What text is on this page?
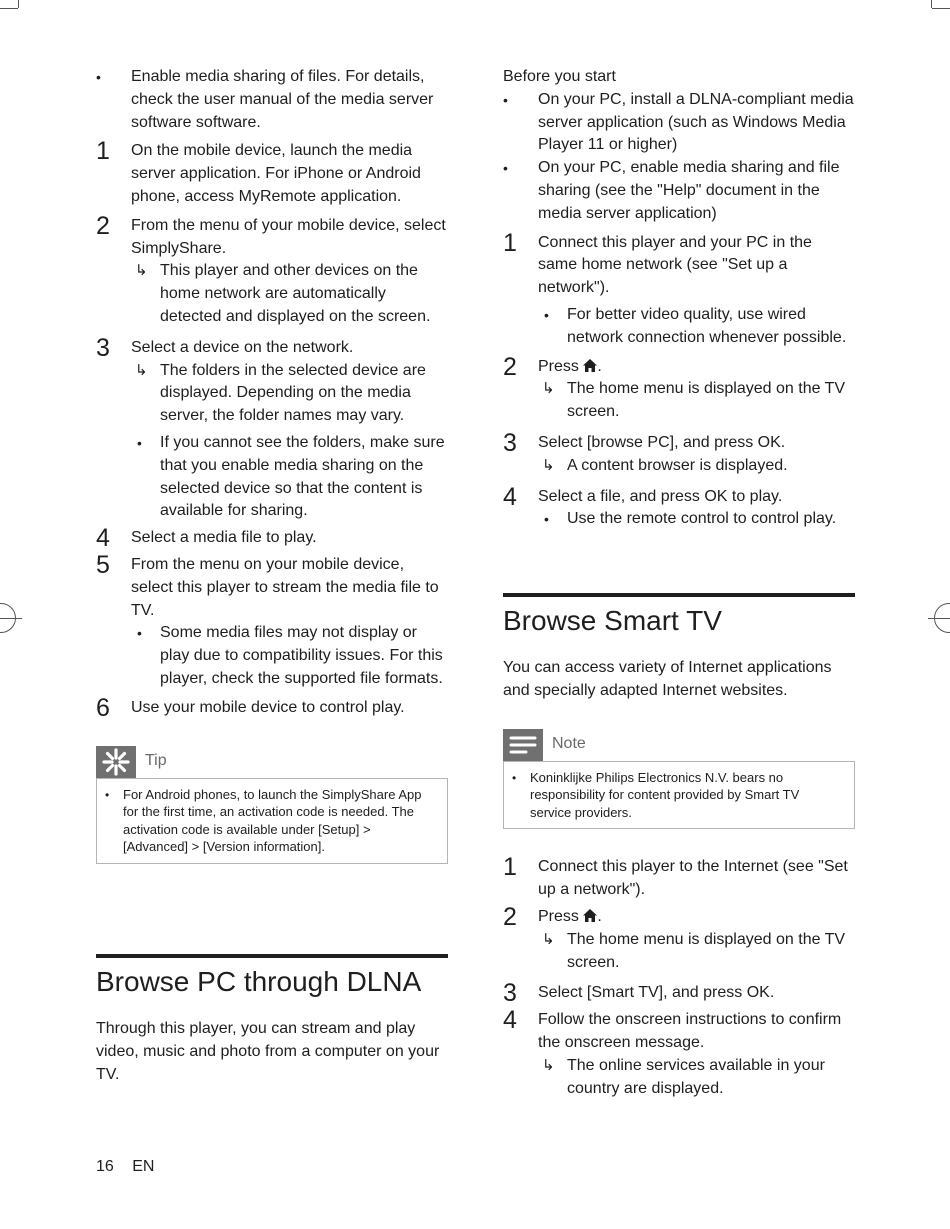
• Enable media sharing of files. For details, check the user manual of the media server software software.
1 On the mobile device, launch the media server application. For iPhone or Android phone, access MyRemote application.
2 From the menu of your mobile device, select SimplyShare.
↳ This player and other devices on the home network are automatically detected and displayed on the screen.
3 Select a device on the network.
↳ The folders in the selected device are displayed. Depending on the media server, the folder names may vary.
• If you cannot see the folders, make sure that you enable media sharing on the selected device so that the content is available for sharing.
4 Select a media file to play.
5 From the menu on your mobile device, select this player to stream the media file to TV.
• Some media files may not display or play due to compatibility issues. For this player, check the supported file formats.
6 Use your mobile device to control play.
Tip
• For Android phones, to launch the SimplyShare App for the first time, an activation code is needed. The activation code is available under [Setup] > [Advanced] > [Version information].

Browse PC through DLNA

Through this player, you can stream and play video, music and photo from a computer on your TV.

Before you start

• On your PC, install a DLNA-compliant media server application (such as Windows Media Player 11 or higher)
• On your PC, enable media sharing and file sharing (see the "Help" document in the media server application)
1 Connect this player and your PC in the same home network (see "Set up a network").
• For better video quality, use wired network connection whenever possible.
2 Press .
↳ The home menu is displayed on the TV screen.
3 Select [browse PC], and press OK.
↳ A content browser is displayed.
4 Select a file, and press OK to play.
• Use the remote control to control play.
Browse Smart TV

You can access variety of Internet applications and specially adapted Internet websites.

Note
• Koninklijke Philips Electronics N.V. bears no responsibility for content provided by Smart TV service providers.

1 Connect this player to the Internet (see "Set up a network").
2 Press .
↳ The home menu is displayed on the TV screen.
3 Select [Smart TV], and press OK.
4 Follow the onscreen instructions to confirm the onscreen message.
↳ The online services available in your country are displayed.
16 EN
